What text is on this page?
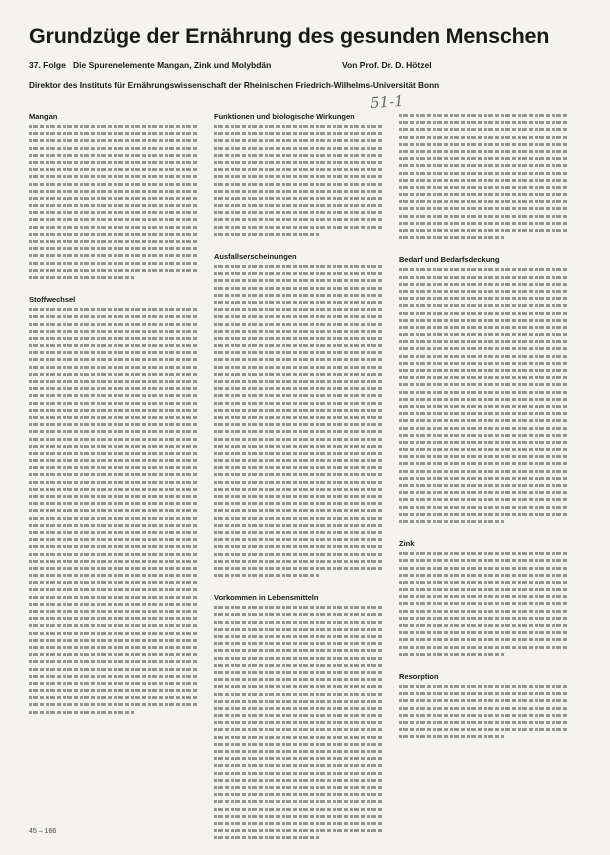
Grundzüge der Ernährung des gesunden Menschen
37. Folge Die Spurenelemente Mangan, Zink und Molybdän	Von Prof. Dr. D. Hötzel
Direktor des Instituts für Ernährungswissenschaft der Rheinischen Friedrich-Wilhelms-Universität Bonn
51-1
Mangan
Stoffwechsel
Funktionen und biologische Wirkungen
Ausfallserscheinungen
Vorkommen in Lebensmitteln
Bedarf und Bedarfsdeckung
Zink
Resorption
45 – 166
